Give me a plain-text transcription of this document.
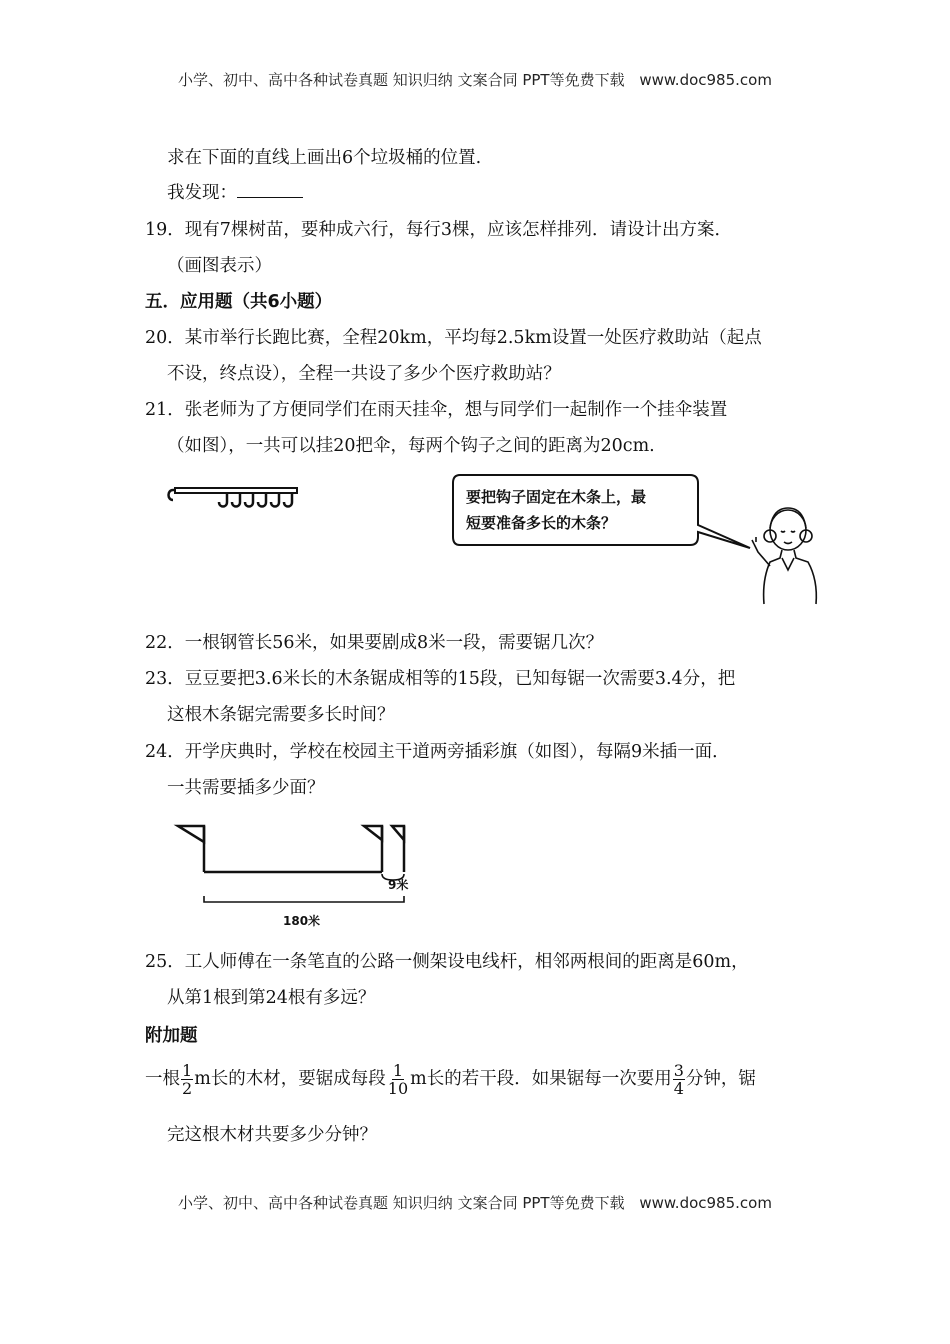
小学、初中、高中各种试卷真题 知识归纳 文案合同 PPT等免费下载 www.doc985.com
求在下面的直线上画出6个垃圾桶的位置.
我发现：
19．现有7棵树苗，要种成六行，每行3棵，应该怎样排列．请设计出方案．
（画图表示）
五．应用题（共6小题）
20．某市举行长跑比赛，全程20km，平均每2.5km设置一处医疗救助站（起点
不设，终点设），全程一共设了多少个医疗救助站？
21．张老师为了方便同学们在雨天挂伞，想与同学们一起制作一个挂伞装置
（如图），一共可以挂20把伞，每两个钩子之间的距离为20cm.
要把钩子固定在木条上，最
短要准备多长的木条？
22．一根钢管长56米，如果要剧成8米一段，需要锯几次？
23．豆豆要把3.6米长的木条锯成相等的15段，已知每锯一次需要3.4分，把
这根木条锯完需要多长时间？
24．开学庆典时，学校在校园主干道两旁插彩旗（如图），每隔9米插一面．
一共需要插多少面？
9米
180米
25．工人师傅在一条笔直的公路一侧架设电线杆，相邻两根间的距离是60m，
从第1根到第24根有多远？
附加题
一根 $\frac{1}{2}$ m长的木材，要锯成每段 $\frac{1}{10}$ m长的若干段．如果锯每一次要用 $\frac{3}{4}$ 分钟，锯
完这根木材共要多少分钟？
小学、初中、高中各种试卷真题 知识归纳 文案合同 PPT等免费下载 www.doc985.com
